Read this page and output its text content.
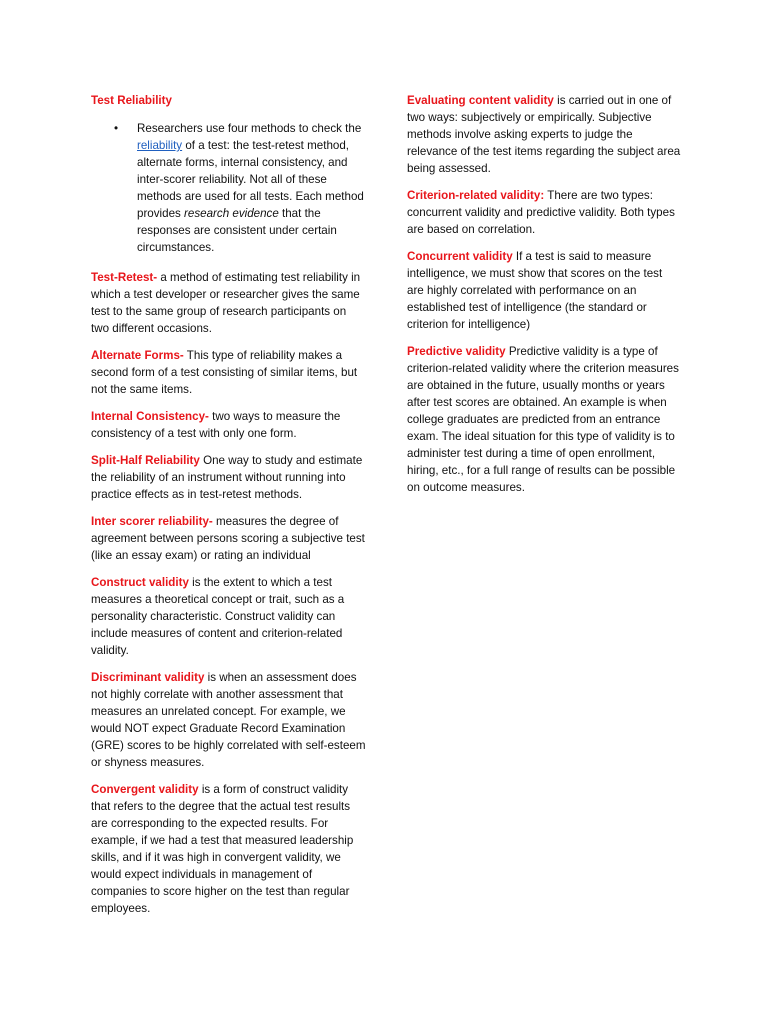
Test Reliability
• Researchers use four methods to check the reliability of a test: the test-retest method, alternate forms, internal consistency, and inter-scorer reliability. Not all of these methods are used for all tests. Each method provides research evidence that the responses are consistent under certain circumstances.
Test-Retest- a method of estimating test reliability in which a test developer or researcher gives the same test to the same group of research participants on two different occasions.
Alternate Forms- This type of reliability makes a second form of a test consisting of similar items, but not the same items.
Internal Consistency- two ways to measure the consistency of a test with only one form.
Split-Half Reliability One way to study and estimate the reliability of an instrument without running into practice effects as in test-retest methods.
Inter scorer reliability- measures the degree of agreement between persons scoring a subjective test (like an essay exam) or rating an individual
Construct validity is the extent to which a test measures a theoretical concept or trait, such as a personality characteristic. Construct validity can include measures of content and criterion-related validity.
Discriminant validity is when an assessment does not highly correlate with another assessment that measures an unrelated concept. For example, we would NOT expect Graduate Record Examination (GRE) scores to be highly correlated with self-esteem or shyness measures.
Convergent validity is a form of construct validity that refers to the degree that the actual test results are corresponding to the expected results. For example, if we had a test that measured leadership skills, and if it was high in convergent validity, we would expect individuals in management of companies to score higher on the test than regular employees.
Evaluating content validity is carried out in one of two ways: subjectively or empirically. Subjective methods involve asking experts to judge the relevance of the test items regarding the subject area being assessed.
Criterion-related validity: There are two types: concurrent validity and predictive validity. Both types are based on correlation.
Concurrent validity If a test is said to measure intelligence, we must show that scores on the test are highly correlated with performance on an established test of intelligence (the standard or criterion for intelligence)
Predictive validity Predictive validity is a type of criterion-related validity where the criterion measures are obtained in the future, usually months or years after test scores are obtained. An example is when college graduates are predicted from an entrance exam. The ideal situation for this type of validity is to administer test during a time of open enrollment, hiring, etc., for a full range of results can be possible on outcome measures.
